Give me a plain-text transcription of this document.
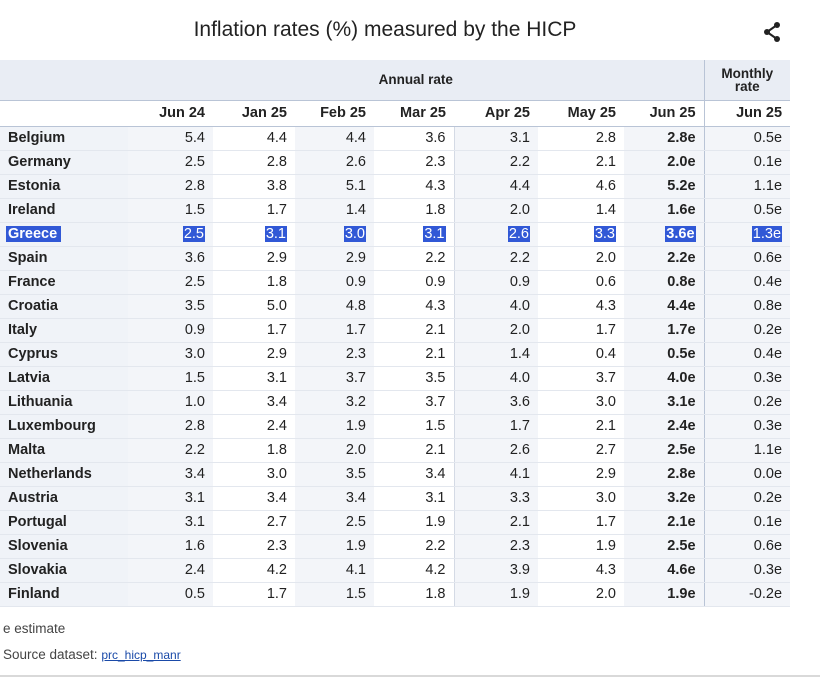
Inflation rates (%) measured by the HICP
	Annual rate							Monthly rate
	Jun 24	Jan 25	Feb 25	Mar 25	Apr 25	May 25	Jun 25	Jun 25
Belgium	5.4	4.4	4.4	3.6	3.1	2.8	2.8e	0.5e
Germany	2.5	2.8	2.6	2.3	2.2	2.1	2.0e	0.1e
Estonia	2.8	3.8	5.1	4.3	4.4	4.6	5.2e	1.1e
Ireland	1.5	1.7	1.4	1.8	2.0	1.4	1.6e	0.5e
Greece	2.5	3.1	3.0	3.1	2.6	3.3	3.6e	1.3e
Spain	3.6	2.9	2.9	2.2	2.2	2.0	2.2e	0.6e
France	2.5	1.8	0.9	0.9	0.9	0.6	0.8e	0.4e
Croatia	3.5	5.0	4.8	4.3	4.0	4.3	4.4e	0.8e
Italy	0.9	1.7	1.7	2.1	2.0	1.7	1.7e	0.2e
Cyprus	3.0	2.9	2.3	2.1	1.4	0.4	0.5e	0.4e
Latvia	1.5	3.1	3.7	3.5	4.0	3.7	4.0e	0.3e
Lithuania	1.0	3.4	3.2	3.7	3.6	3.0	3.1e	0.2e
Luxembourg	2.8	2.4	1.9	1.5	1.7	2.1	2.4e	0.3e
Malta	2.2	1.8	2.0	2.1	2.6	2.7	2.5e	1.1e
Netherlands	3.4	3.0	3.5	3.4	4.1	2.9	2.8e	0.0e
Austria	3.1	3.4	3.4	3.1	3.3	3.0	3.2e	0.2e
Portugal	3.1	2.7	2.5	1.9	2.1	1.7	2.1e	0.1e
Slovenia	1.6	2.3	1.9	2.2	2.3	1.9	2.5e	0.6e
Slovakia	2.4	4.2	4.1	4.2	3.9	4.3	4.6e	0.3e
Finland	0.5	1.7	1.5	1.8	1.9	2.0	1.9e	-0.2e
e estimate
Source dataset: prc_hicp_manr
